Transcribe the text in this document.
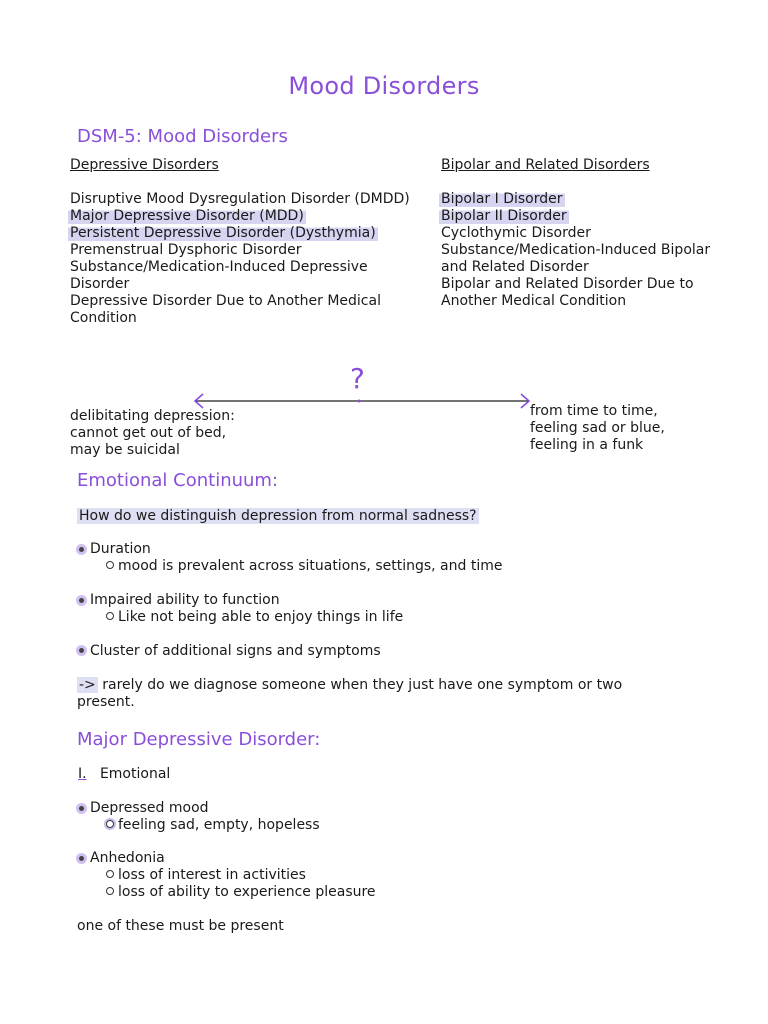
Mood Disorders
DSM-5: Mood Disorders
Depressive Disorders
Disruptive Mood Dysregulation Disorder (DMDD)
Major Depressive Disorder (MDD)
Persistent Depressive Disorder (Dysthymia)
Premenstrual Dysphoric Disorder
Substance/Medication-Induced Depressive
Disorder
Depressive Disorder Due to Another Medical
Condition
Bipolar and Related Disorders
Bipolar I Disorder
Bipolar II Disorder
Cyclothymic Disorder
Substance/Medication-Induced Bipolar
and Related Disorder
Bipolar and Related Disorder Due to
Another Medical Condition
?
delibitating depression:
cannot get out of bed,
may be suicidal
from time to time,
feeling sad or blue,
feeling in a funk
Emotional Continuum:
How do we distinguish depression from normal sadness?
Duration
mood is prevalent across situations, settings, and time
Impaired ability to function
Like not being able to enjoy things in life
Cluster of additional signs and symptoms
-> rarely do we diagnose someone when they just have one symptom or two
present.
Major Depressive Disorder:
I. Emotional
Depressed mood
feeling sad, empty, hopeless
Anhedonia
loss of interest in activities
loss of ability to experience pleasure
one of these must be present
